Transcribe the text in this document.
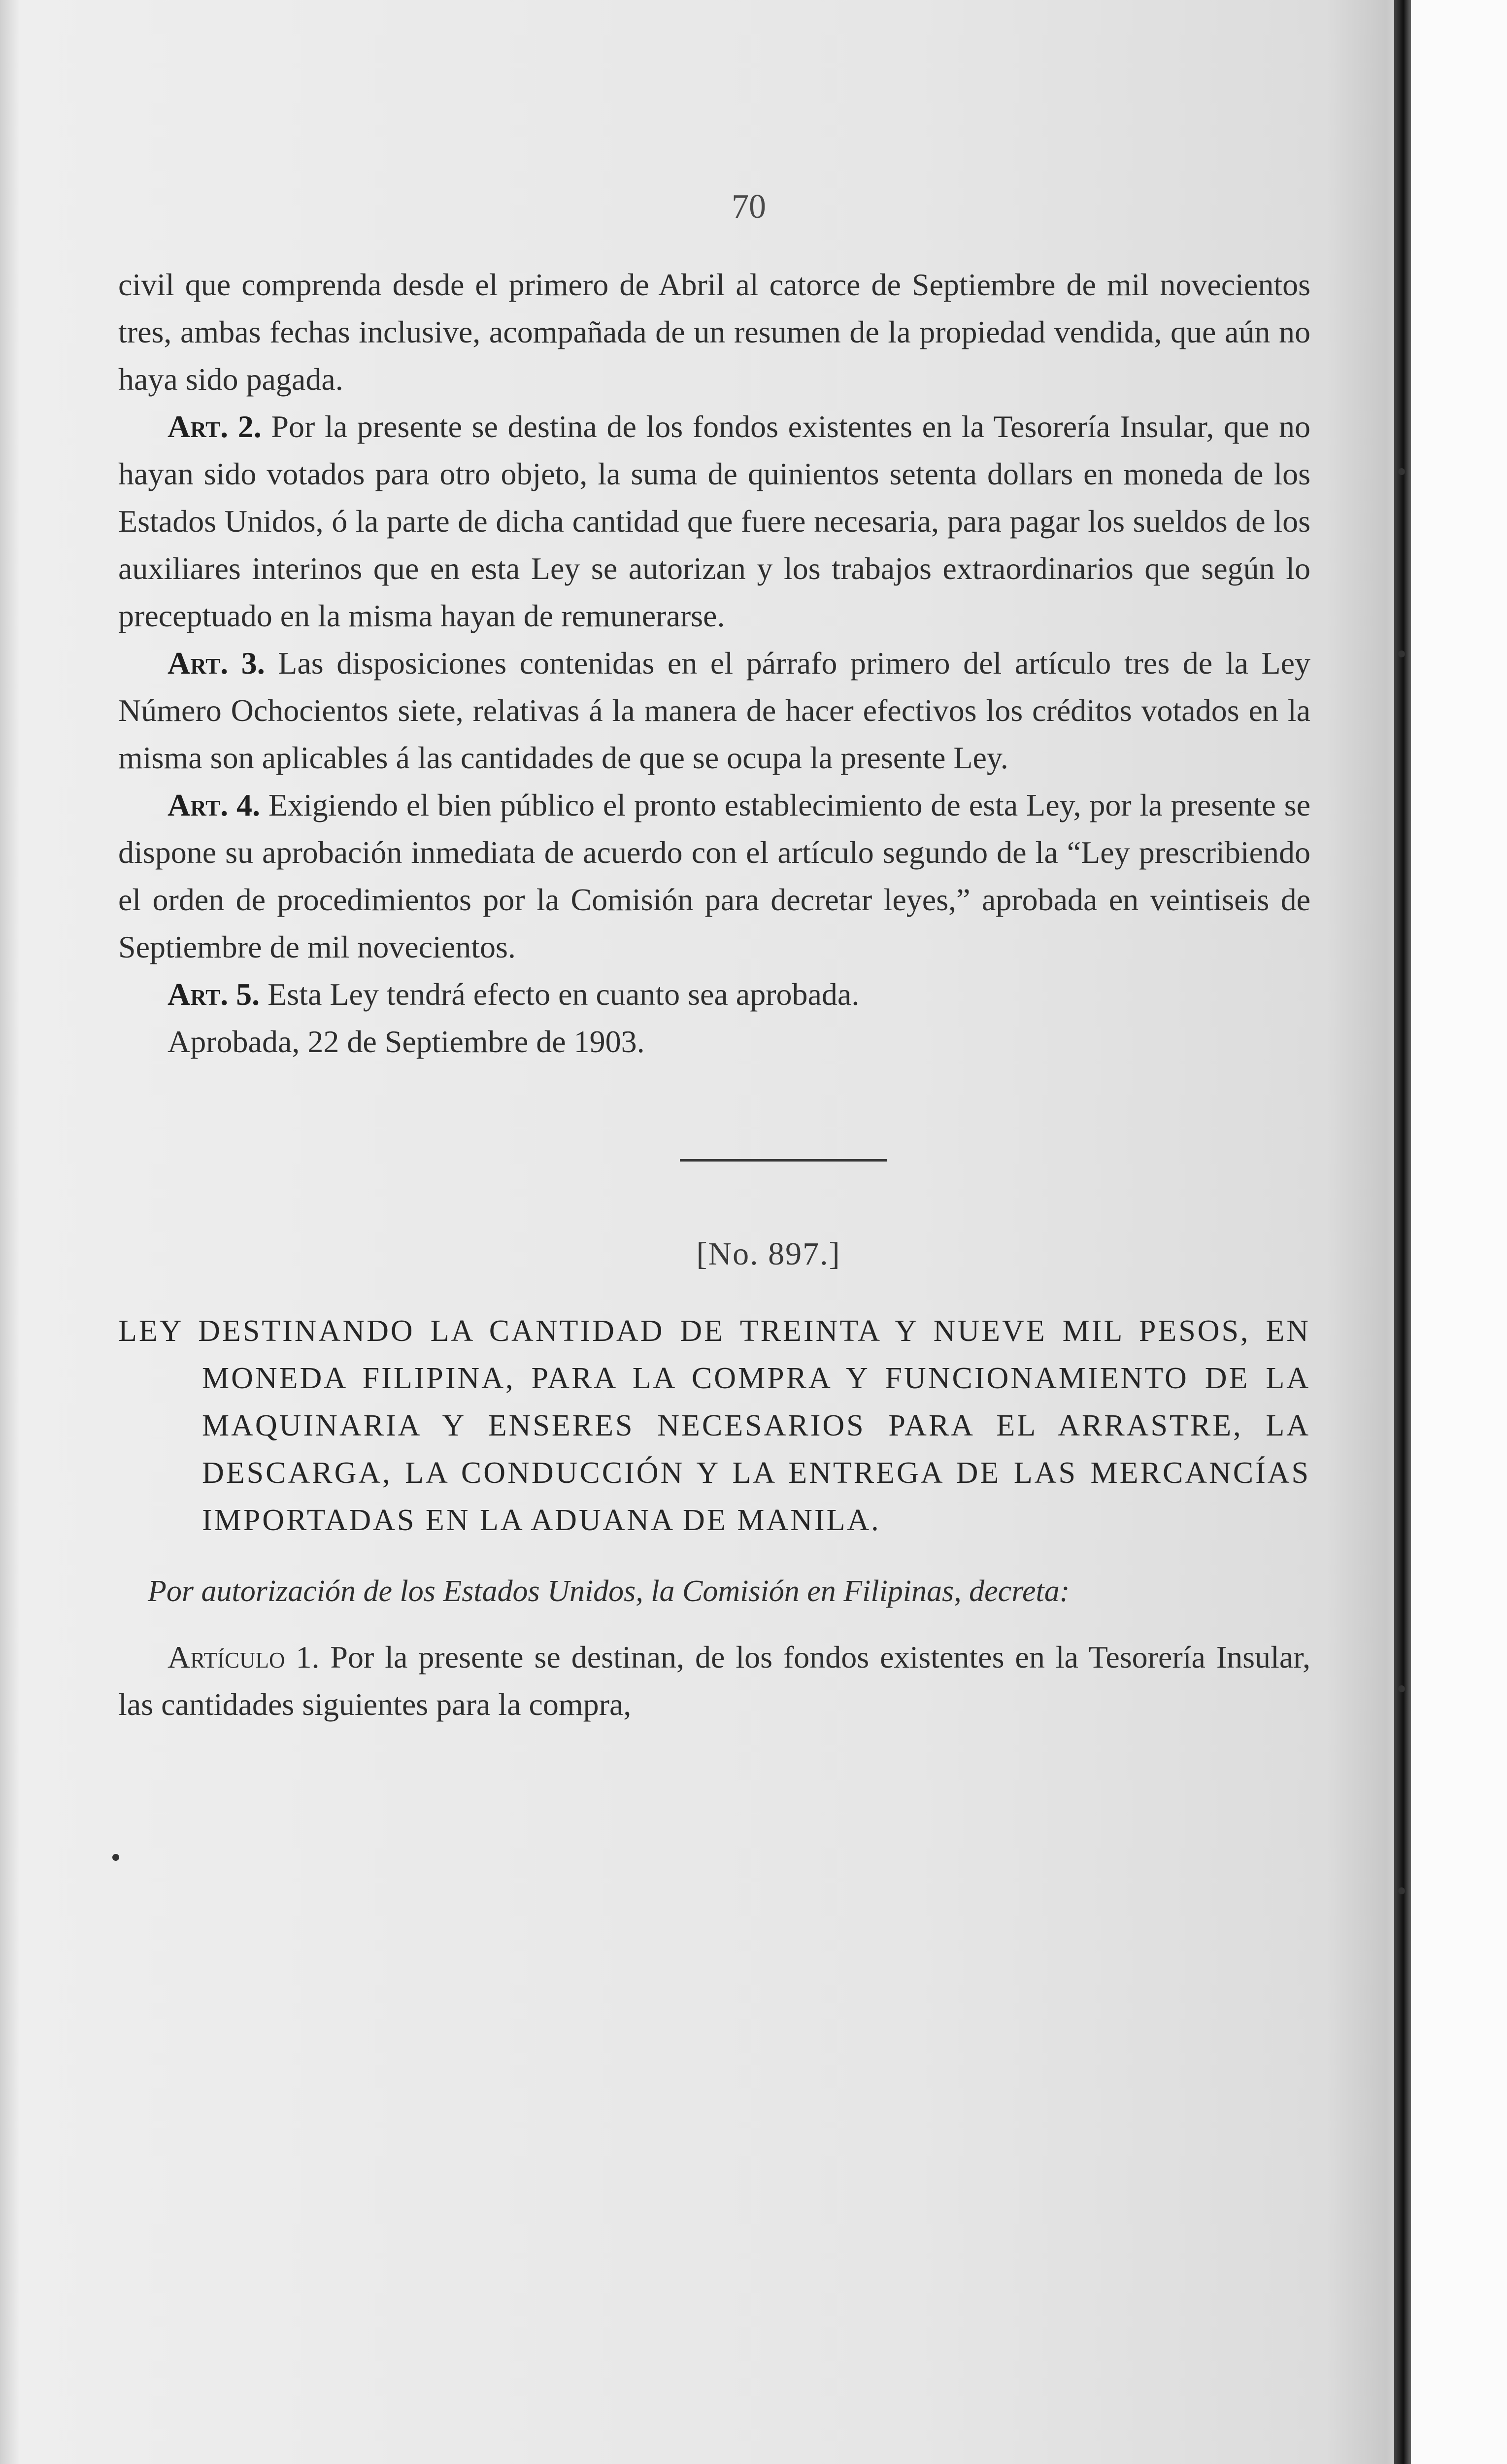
70

civil que comprenda desde el primero de Abril al catorce de Septiembre de mil novecientos tres, ambas fechas inclusive, acompañada de un resumen de la propiedad vendida, que aún no haya sido pagada.

Art. 2. Por la presente se destina de los fondos existentes en la Tesorería Insular, que no hayan sido votados para otro objeto, la suma de quinientos setenta dollars en moneda de los Estados Unidos, ó la parte de dicha cantidad que fuere necesaria, para pagar los sueldos de los auxiliares interinos que en esta Ley se autorizan y los trabajos extraordinarios que según lo preceptuado en la misma hayan de remunerarse.

Art. 3. Las disposiciones contenidas en el párrafo primero del artículo tres de la Ley Número Ochocientos siete, relativas á la manera de hacer efectivos los créditos votados en la misma son aplicables á las cantidades de que se ocupa la presente Ley.

Art. 4. Exigiendo el bien público el pronto establecimiento de esta Ley, por la presente se dispone su aprobación inmediata de acuerdo con el artículo segundo de la “Ley prescribiendo el orden de procedimientos por la Comisión para decretar leyes,” aprobada en veintiseis de Septiembre de mil novecientos.

Art. 5. Esta Ley tendrá efecto en cuanto sea aprobada.

Aprobada, 22 de Septiembre de 1903.

[No. 897.]

LEY DESTINANDO LA CANTIDAD DE TREINTA Y NUEVE MIL PESOS, EN MONEDA FILIPINA, PARA LA COMPRA Y FUNCIONAMIENTO DE LA MAQUINARIA Y ENSERES NECESARIOS PARA EL ARRASTRE, LA DESCARGA, LA CONDUCCIÓN Y LA ENTREGA DE LAS MERCANCÍAS IMPORTADAS EN LA ADUANA DE MANILA.

Por autorización de los Estados Unidos, la Comisión en Filipinas, decreta:

Artículo 1. Por la presente se destinan, de los fondos existentes en la Tesorería Insular, las cantidades siguientes para la compra,
